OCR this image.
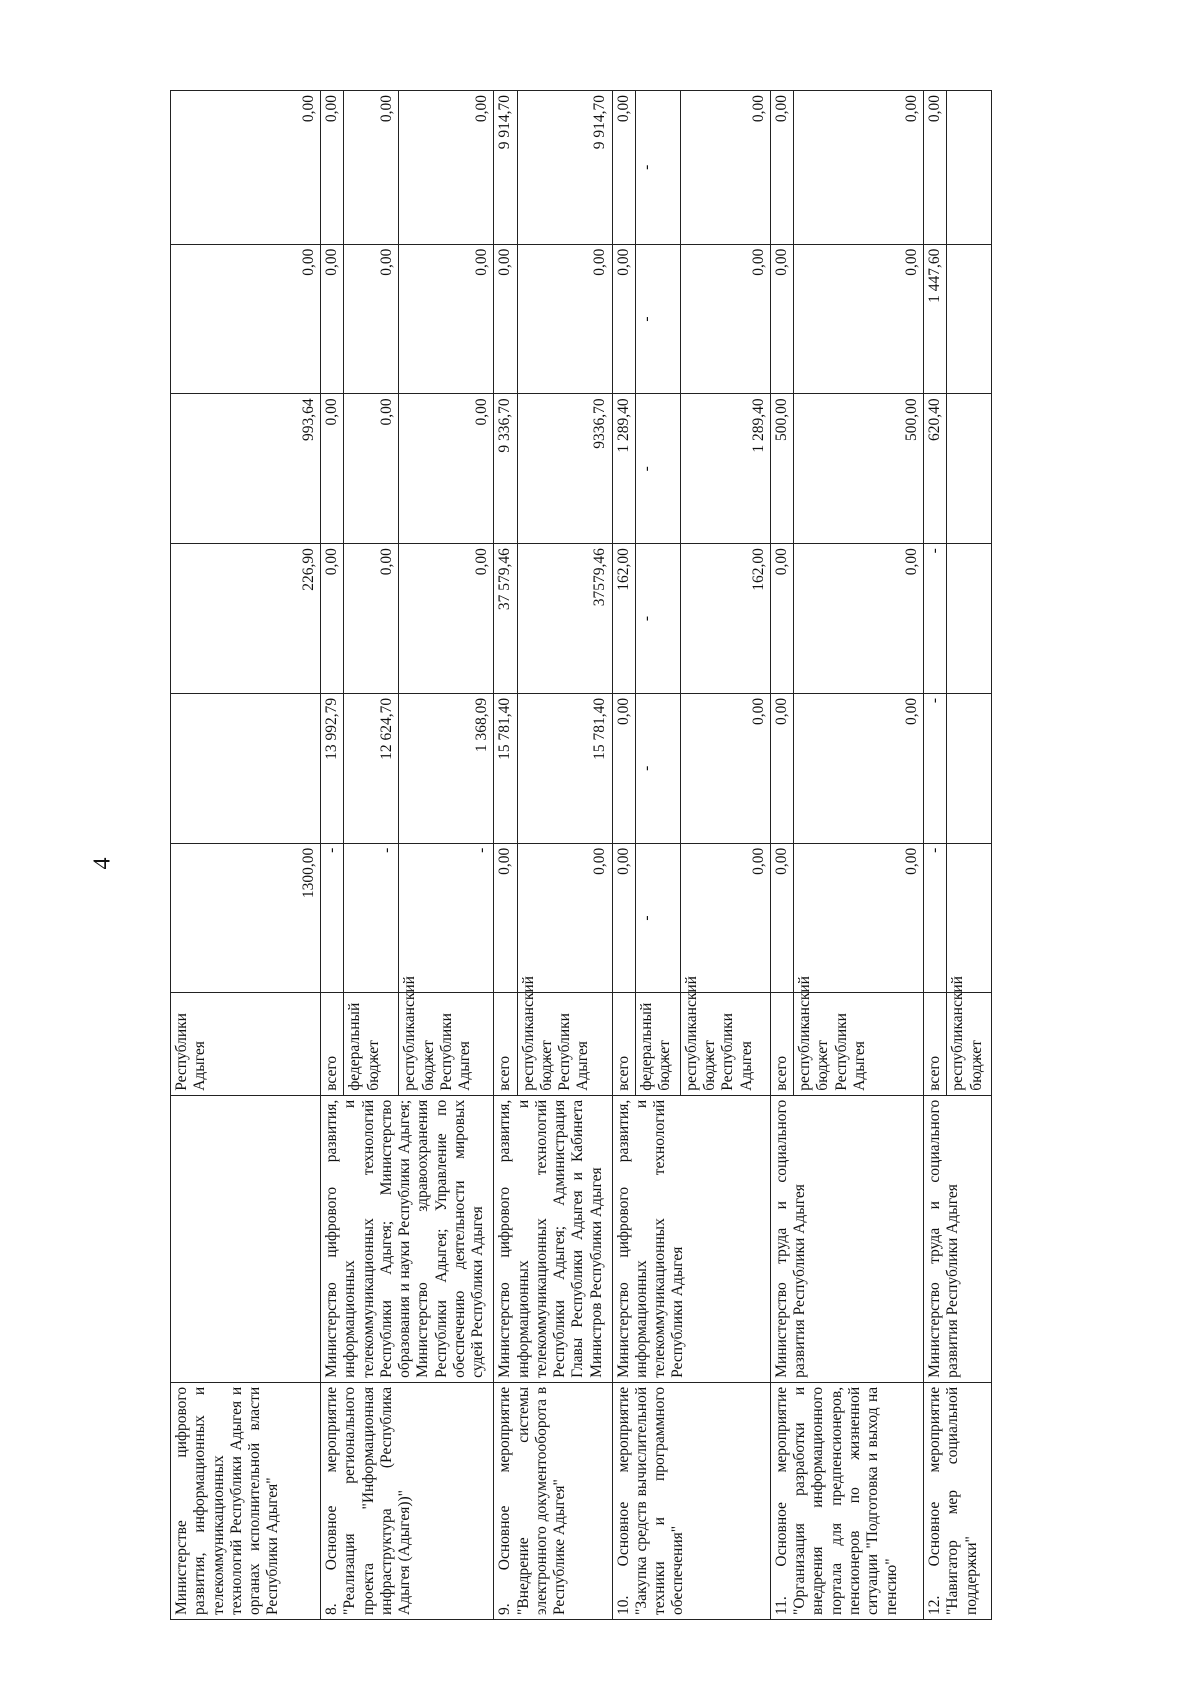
4
Министерстве цифрового развития, информационных и телекоммуникационных технологий Республики Адыгея и органах исполнительной власти Республики Адыгея"		Республики Адыгея	1300,00		226,90	993,64	0,00	0,00
8. Основное мероприятие "Реализация регионального проекта "Информационная инфраструктура (Республика Адыгея (Адыгея))"	Министерство цифрового развития, информационных и телекоммуникационных технологий Республики Адыгея; Министерство образования и науки Республики Адыгея; Министерство здравоохранения Республики Адыгея; Управление по обеспечению деятельности мировых судей Республики Адыгея	всего	-	13 992,79	0,00	0,00	0,00	0,00
		федеральный бюджет	-	12 624,70	0,00	0,00	0,00	0,00
		республиканский бюджет Республики Адыгея	-	1 368,09	0,00	0,00	0,00	0,00
9. Основное мероприятие "Внедрение системы электронного документооборота в Республике Адыгея"	Министерство цифрового развития, информационных и телекоммуникационных технологий Республики Адыгея; Администрация Главы Республики Адыгея и Кабинета Министров Республики Адыгея	всего	0,00	15 781,40	37 579,46	9 336,70	0,00	9 914,70
		республиканский бюджет Республики Адыгея	0,00	15 781,40	37579,46	9336,70	0,00	9 914,70
10. Основное мероприятие "Закупка средств вычислительной техники и программного обеспечения"	Министерство цифрового развития, информационных и телекоммуникационных технологий Республики Адыгея	всего	0,00	0,00	162,00	1 289,40	0,00	0,00
		федеральный бюджет	-	-	-	-	-	-
		республиканский бюджет Республики Адыгея	0,00	0,00	162,00	1 289,40	0,00	0,00
11. Основное мероприятие "Организация разработки и внедрения информационного портала для предпенсионеров, пенсионеров по жизненной ситуации "Подготовка и выход на пенсию"	Министерство труда и социального развития Республики Адыгея	всего	0,00	0,00	0,00	500,00	0,00	0,00
		республиканский бюджет Республики Адыгея	0,00	0,00	0,00	500,00	0,00	0,00
12. Основное мероприятие "Навигатор мер социальной поддержки"	Министерство труда и социального развития Республики Адыгея	всего	-	-	-	620,40	1 447,60	0,00
		республиканский бюджет						
